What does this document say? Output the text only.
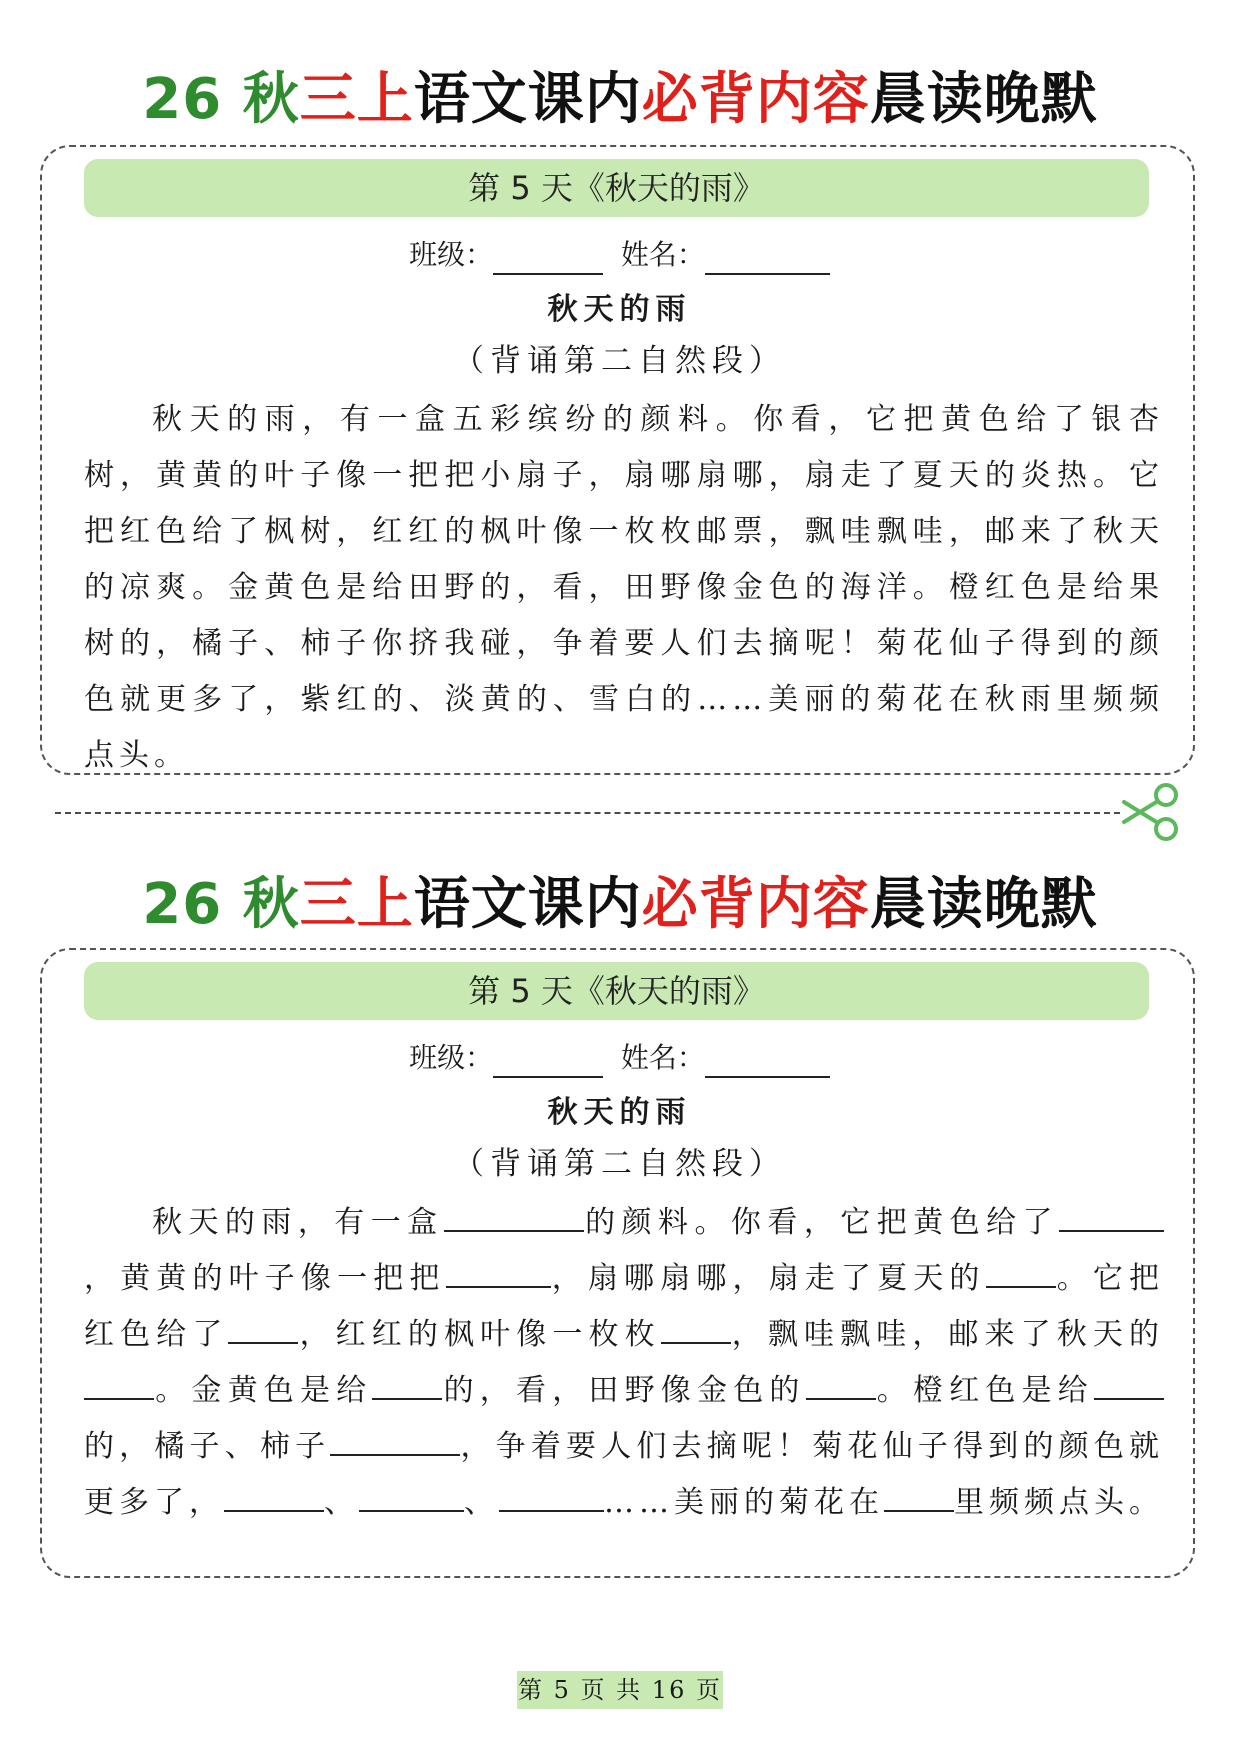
26 秋三上语文课内必背内容晨读晚默
第 5 天《秋天的雨》
班级：	姓名：
秋天的雨
（背诵第二自然段）

秋天的雨，有一盒五彩缤纷的颜料。你看，它把黄色给了银杏树，黄黄的叶子像一把把小扇子，扇哪扇哪，扇走了夏天的炎热。它把红色给了枫树，红红的枫叶像一枚枚邮票，飘哇飘哇，邮来了秋天的凉爽。金黄色是给田野的，看，田野像金色的海洋。橙红色是给果树的，橘子、柿子你挤我碰，争着要人们去摘呢！菊花仙子得到的颜色就更多了，紫红的、淡黄的、雪白的……美丽的菊花在秋雨里频频点头。

26 秋三上语文课内必背内容晨读晚默
第 5 天《秋天的雨》
班级：	姓名：
秋天的雨
（背诵第二自然段）

秋天的雨，有一盒	的颜料。你看，它把黄色给了，黄黄的叶子像一把把	，扇哪扇哪，扇走了夏天的 。它把红色给了 ，红红的枫叶像一枚枚 ，飘哇飘哇，邮来了秋天的。金黄色是给 的，看，田野像金色的 。橙红色是给的，橘子、柿子	，争着要人们去摘呢！菊花仙子得到的颜色就更多了，	、	、	……美丽的菊花在 里频频点头。

第 5 页 共 16 页
